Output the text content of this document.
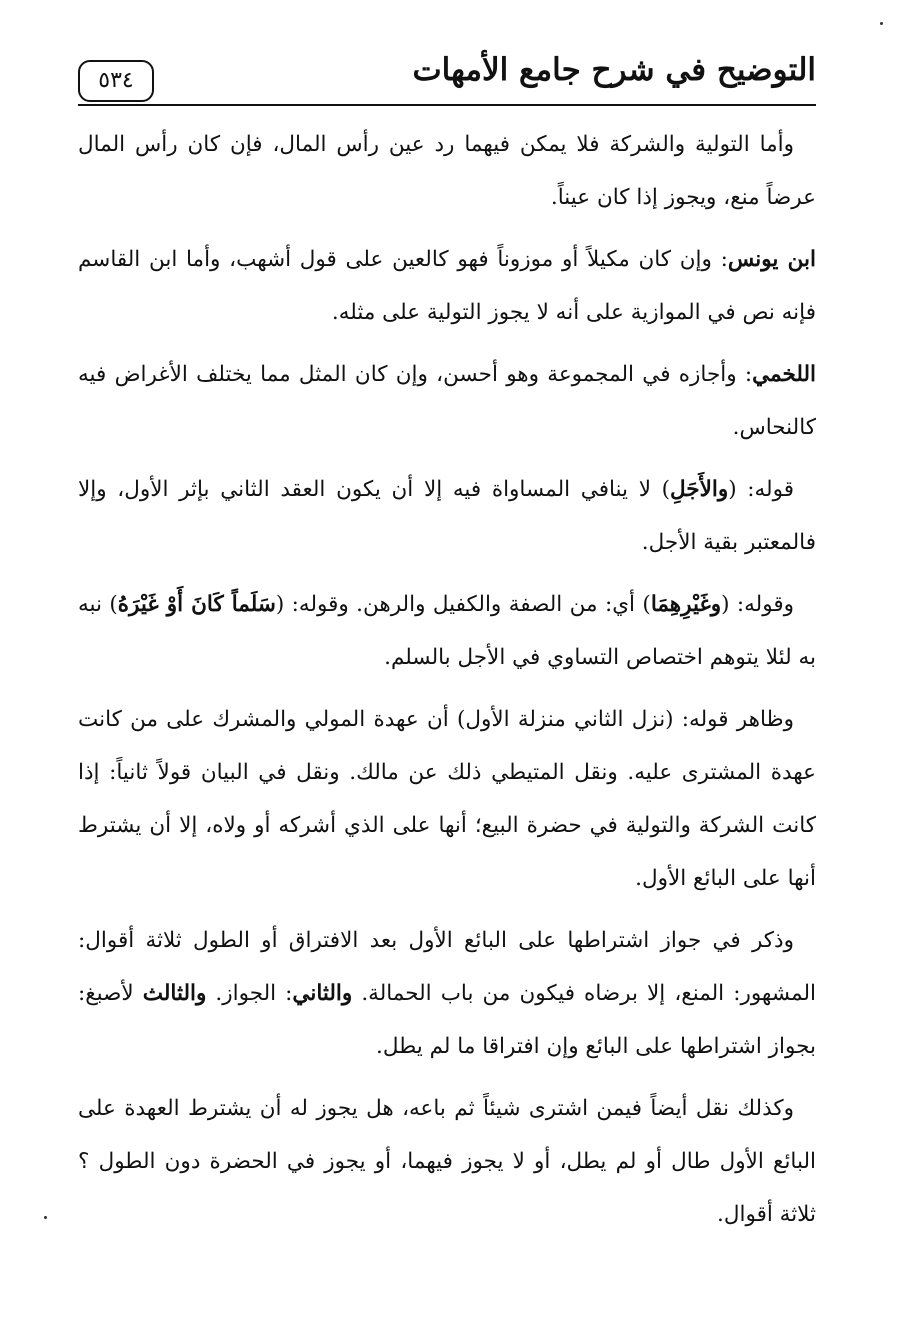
التوضيح في شرح جامع الأمهات
٥٣٤

وأما التولية والشركة فلا يمكن فيهما رد عين رأس المال، فإن كان رأس المال عرضاً منع، ويجوز إذا كان عيناً.

ابن يونس: وإن كان مكيلاً أو موزوناً فهو كالعين على قول أشهب، وأما ابن القاسم فإنه نص في الموازية على أنه لا يجوز التولية على مثله.

اللخمي: وأجازه في المجموعة وهو أحسن، وإن كان المثل مما يختلف الأغراض فيه كالنحاس.

قوله: (والأَجَلِ) لا ينافي المساواة فيه إلا أن يكون العقد الثاني بإثر الأول، وإلا فالمعتبر بقية الأجل.

وقوله: (وغَيْرِهِمَا) أي: من الصفة والكفيل والرهن. وقوله: (سَلَماً كَانَ أَوْ غَيْرَهُ) نبه به لئلا يتوهم اختصاص التساوي في الأجل بالسلم.

وظاهر قوله: (نزل الثاني منزلة الأول) أن عهدة المولي والمشرك على من كانت عهدة المشترى عليه. ونقل المتيطي ذلك عن مالك. ونقل في البيان قولاً ثانياً: إذا كانت الشركة والتولية في حضرة البيع؛ أنها على الذي أشركه أو ولاه، إلا أن يشترط أنها على البائع الأول.

وذكر في جواز اشتراطها على البائع الأول بعد الافتراق أو الطول ثلاثة أقوال: المشهور: المنع، إلا برضاه فيكون من باب الحمالة. والثاني: الجواز. والثالث لأصبغ: بجواز اشتراطها على البائع وإن افتراقا ما لم يطل.

وكذلك نقل أيضاً فيمن اشترى شيئاً ثم باعه، هل يجوز له أن يشترط العهدة على البائع الأول طال أو لم يطل، أو لا يجوز فيهما، أو يجوز في الحضرة دون الطول ؟ ثلاثة أقوال.
